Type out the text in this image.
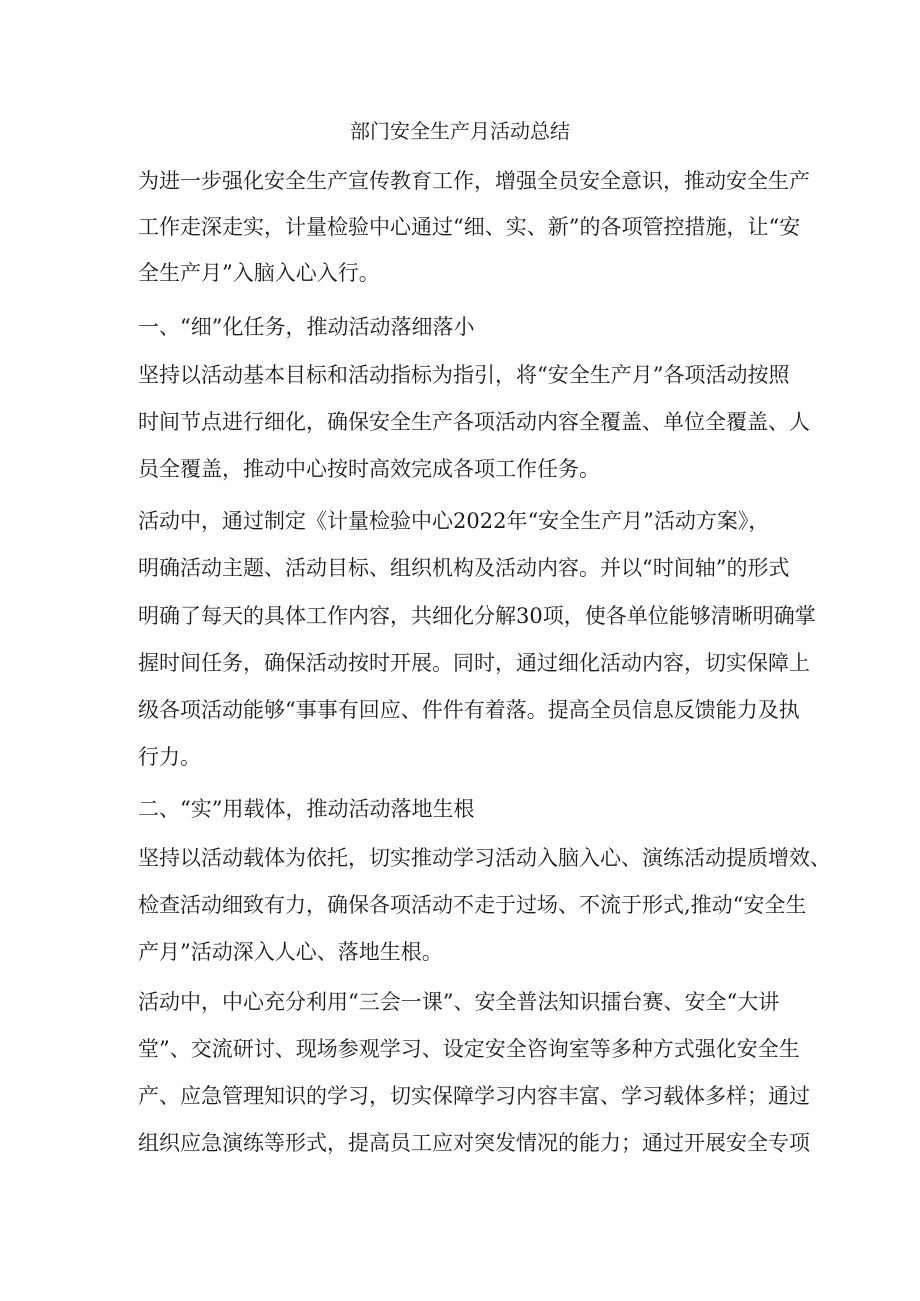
部门安全生产月活动总结
为进一步强化安全生产宣传教育工作，增强全员安全意识，推动安全生产
工作走深走实，计量检验中心通过“细、实、新”的各项管控措施，让“安
全生产月”入脑入心入行。
一、“细”化任务，推动活动落细落小
坚持以活动基本目标和活动指标为指引，将“安全生产月”各项活动按照
时间节点进行细化，确保安全生产各项活动内容全覆盖、单位全覆盖、人
员全覆盖，推动中心按时高效完成各项工作任务。
活动中，通过制定《计量检验中心2022年“安全生产月”活动方案》，
明确活动主题、活动目标、组织机构及活动内容。并以“时间轴”的形式
明确了每天的具体工作内容，共细化分解30项，使各单位能够清晰明确掌
握时间任务，确保活动按时开展。同时，通过细化活动内容，切实保障上
级各项活动能够“事事有回应、件件有着落。提高全员信息反馈能力及执
行力。
二、“实”用载体，推动活动落地生根
坚持以活动载体为依托，切实推动学习活动入脑入心、演练活动提质增效、
检查活动细致有力，确保各项活动不走于过场、不流于形式,推动“安全生
产月”活动深入人心、落地生根。
活动中，中心充分利用“三会一课”、安全普法知识擂台赛、安全“大讲
堂”、交流研讨、现场参观学习、设定安全咨询室等多种方式强化安全生
产、应急管理知识的学习，切实保障学习内容丰富、学习载体多样；通过
组织应急演练等形式，提高员工应对突发情况的能力；通过开展安全专项
